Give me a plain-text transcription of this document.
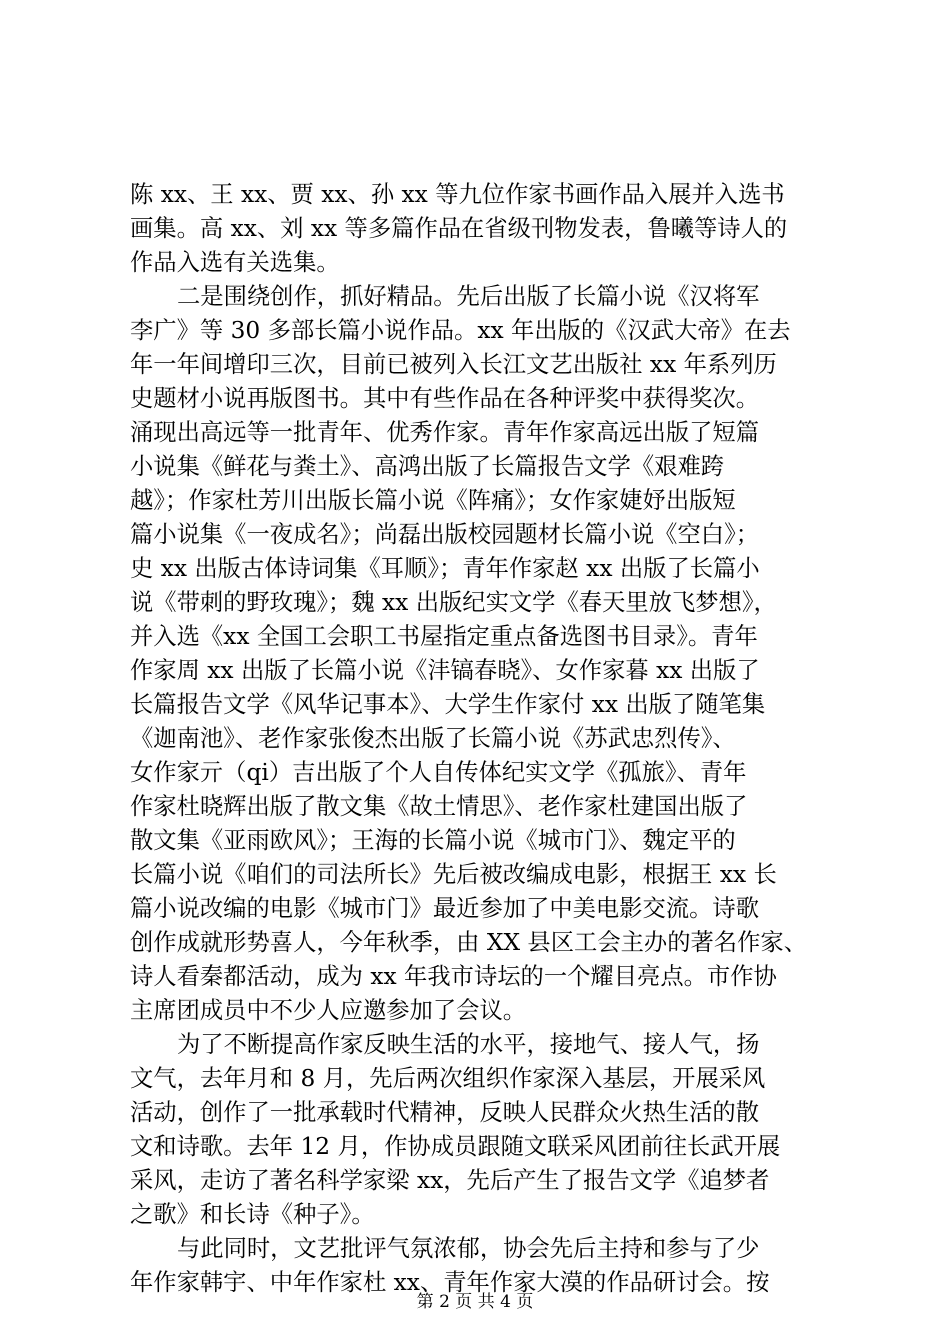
陈 xx、王 xx、贾 xx、孙 xx 等九位作家书画作品入展并入选书
画集。高 xx、刘 xx 等多篇作品在省级刊物发表，鲁曦等诗人的
作品入选有关选集。
二是围绕创作，抓好精品。先后出版了长篇小说《汉将军
李广》等 30 多部长篇小说作品。xx 年出版的《汉武大帝》在去
年一年间增印三次，目前已被列入长江文艺出版社 xx 年系列历
史题材小说再版图书。其中有些作品在各种评奖中获得奖次。
涌现出高远等一批青年、优秀作家。青年作家高远出版了短篇
小说集《鲜花与粪土》、高鸿出版了长篇报告文学《艰难跨
越》；作家杜芳川出版长篇小说《阵痛》；女作家婕妤出版短
篇小说集《一夜成名》；尚磊出版校园题材长篇小说《空白》；
史 xx 出版古体诗词集《耳顺》；青年作家赵 xx 出版了长篇小
说《带刺的野玫瑰》；魏 xx 出版纪实文学《春天里放飞梦想》，
并入选《xx 全国工会职工书屋指定重点备选图书目录》。青年
作家周 xx 出版了长篇小说《沣镐春晓》、女作家暮 xx 出版了
长篇报告文学《风华记事本》、大学生作家付 xx 出版了随笔集
《迦南池》、老作家张俊杰出版了长篇小说《苏武忠烈传》、
女作家亓（qi）吉出版了个人自传体纪实文学《孤旅》、青年
作家杜晓辉出版了散文集《故土情思》、老作家杜建国出版了
散文集《亚雨欧风》；王海的长篇小说《城市门》、魏定平的
长篇小说《咱们的司法所长》先后被改编成电影，根据王 xx 长
篇小说改编的电影《城市门》最近参加了中美电影交流。诗歌
创作成就形势喜人，今年秋季，由 XX 县区工会主办的著名作家、
诗人看秦都活动，成为 xx 年我市诗坛的一个耀目亮点。市作协
主席团成员中不少人应邀参加了会议。
为了不断提高作家反映生活的水平，接地气、接人气，扬
文气，去年月和 8 月，先后两次组织作家深入基层，开展采风
活动，创作了一批承载时代精神，反映人民群众火热生活的散
文和诗歌。去年 12 月，作协成员跟随文联采风团前往长武开展
采风，走访了著名科学家梁 xx，先后产生了报告文学《追梦者
之歌》和长诗《种子》。
与此同时，文艺批评气氛浓郁，协会先后主持和参与了少
年作家韩宇、中年作家杜 xx、青年作家大漠的作品研讨会。按
第 2 页 共 4 页
